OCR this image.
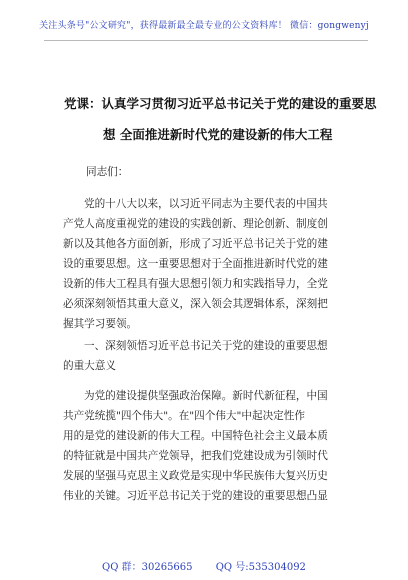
关注头条号"公文研究"，获得最新最全最专业的公文资料库！ 微信：gongwenyj
党课：认真学习贯彻习近平总书记关于党的建设的重要思
想 全面推进新时代党的建设新的伟大工程
同志们：
党的十八大以来，以习近平同志为主要代表的中国共
产党人高度重视党的建设的实践创新、理论创新、制度创
新以及其他各方面创新，形成了习近平总书记关于党的建
设的重要思想。这一重要思想对于全面推进新时代党的建
设新的伟大工程具有强大思想引领力和实践指导力，全党
必须深刻领悟其重大意义，深入领会其逻辑体系，深刻把
握其学习要领。
一、深刻领悟习近平总书记关于党的建设的重要思想
的重大意义
为党的建设提供坚强政治保障。新时代新征程，中国
共产党统揽"四个伟大"。在"四个伟大"中起决定性作
用的是党的建设新的伟大工程。中国特色社会主义最本质
的特征就是中国共产党领导，把我们党建设成为引领时代
发展的坚强马克思主义政党是实现中华民族伟大复兴历史
伟业的关键。习近平总书记关于党的建设的重要思想凸显
QQ 群：30265665 QQ 号:535304092
